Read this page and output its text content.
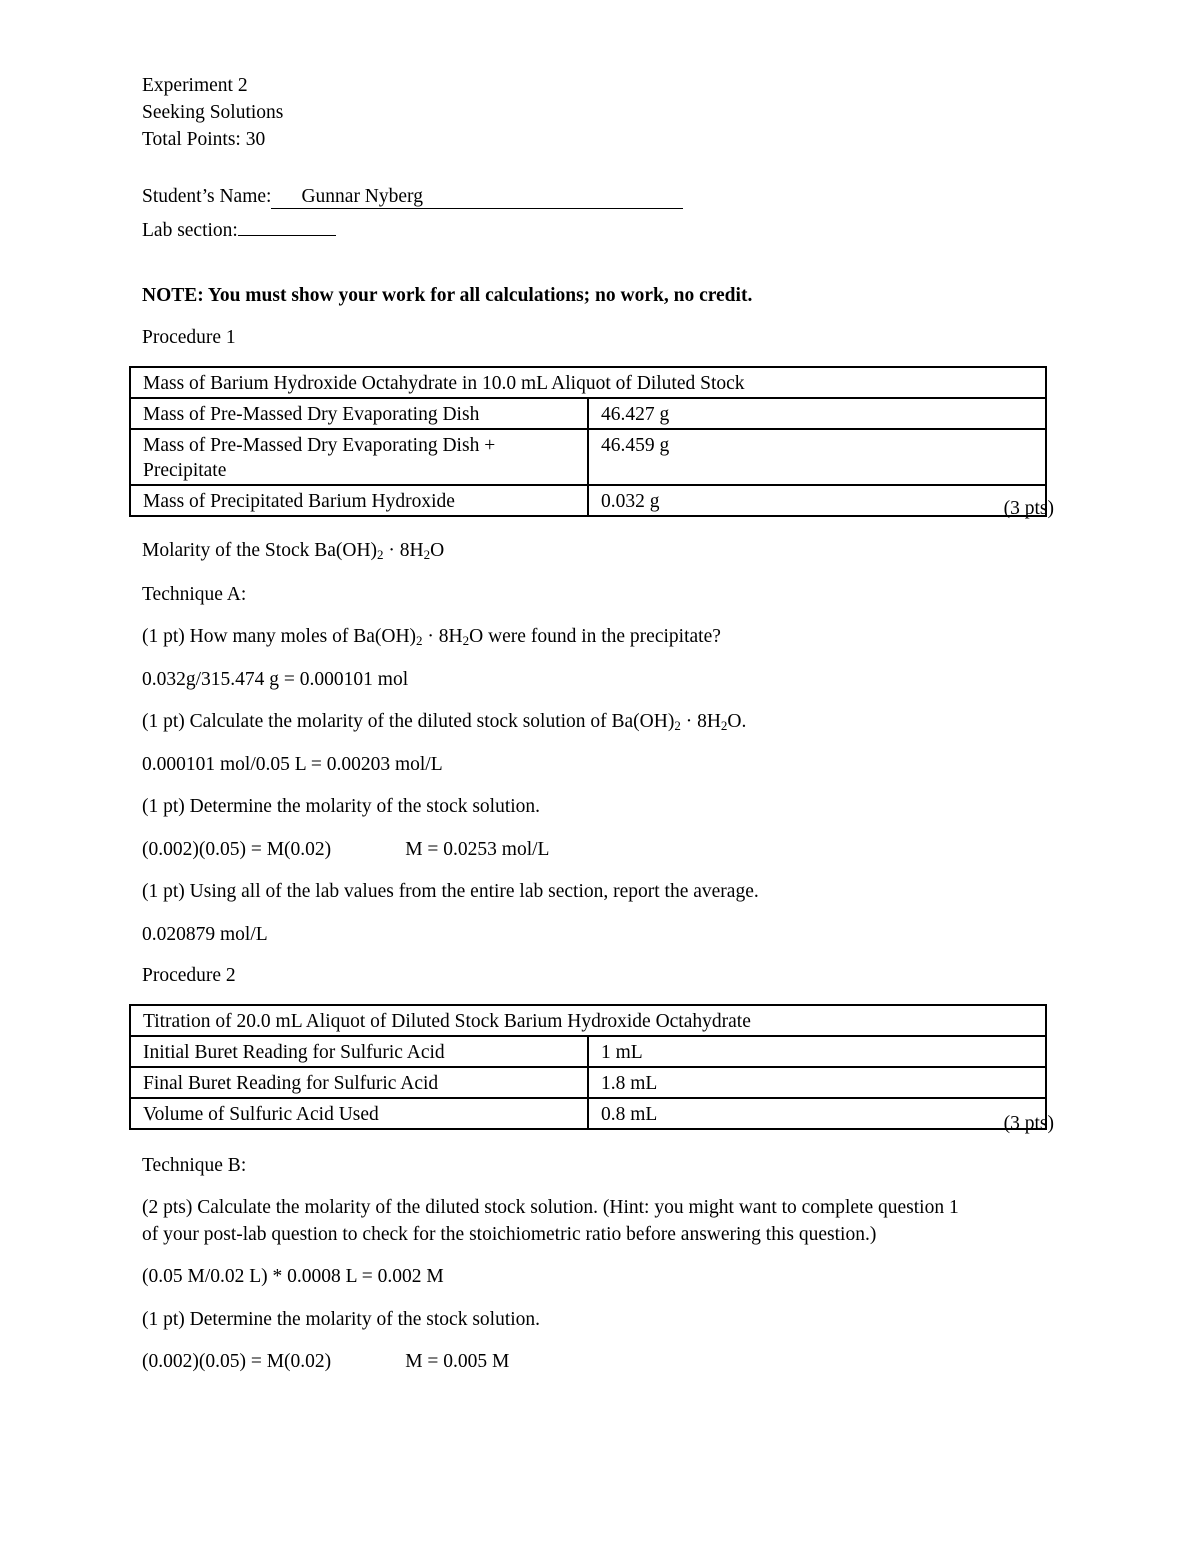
Experiment 2
Seeking Solutions
Total Points: 30
Student’s Name: Gunnar Nyberg
Lab section:
NOTE: You must show your work for all calculations; no work, no credit.
Procedure 1
Mass of Barium Hydroxide Octahydrate in 10.0 mL Aliquot of Diluted Stock	
Mass of Pre-Massed Dry Evaporating Dish	46.427 g
Mass of Pre-Massed Dry Evaporating Dish +
Precipitate	46.459 g
Mass of Precipitated Barium Hydroxide	0.032 g	(3 pts)
Molarity of the Stock $Ba(OH)_2 \cdot 8H_2O$
Technique A:
(1 pt) How many moles of $Ba(OH)_2 \cdot 8H_2O$ were found in the precipitate?
0.032g/315.474 g = 0.000101 mol
(1 pt) Calculate the molarity of the diluted stock solution of $Ba(OH)_2 \cdot 8H_2O$.
0.000101 mol/0.05 L = 0.00203 mol/L
(1 pt) Determine the molarity of the stock solution.
(0.002)(0.05) = M(0.02)	M = 0.0253 mol/L
(1 pt) Using all of the lab values from the entire lab section, report the average.
0.020879 mol/L
Procedure 2
Titration of 20.0 mL Aliquot of Diluted Stock Barium Hydroxide Octahydrate	
Initial Buret Reading for Sulfuric Acid	1 mL
Final Buret Reading for Sulfuric Acid	1.8 mL
Volume of Sulfuric Acid Used	0.8 mL	(3 pts)
Technique B:
(2 pts) Calculate the molarity of the diluted stock solution. (Hint: you might want to complete question 1
of your post-lab question to check for the stoichiometric ratio before answering this question.)
(0.05 M/0.02 L) * 0.0008 L = 0.002 M
(1 pt) Determine the molarity of the stock solution.
(0.002)(0.05) = M(0.02)	M = 0.005 M
